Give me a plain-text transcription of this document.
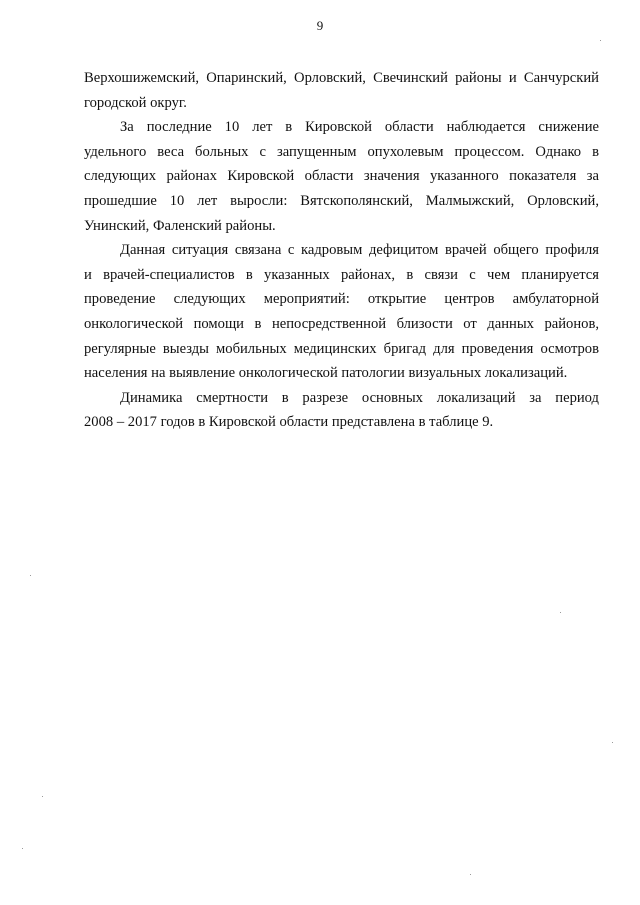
9
Верхошижемский, Опаринский, Орловский, Свечинский районы и Санчурский
городской округ.
За последние 10 лет в Кировской области наблюдается снижение
удельного веса больных с запущенным опухолевым процессом. Однако в
следующих районах Кировской области значения указанного показателя за
прошедшие 10 лет выросли: Вятскополянский, Малмыжский, Орловский,
Унинский, Фаленский районы.
Данная ситуация связана с кадровым дефицитом врачей общего профиля
и врачей-специалистов в указанных районах, в связи с чем планируется
проведение следующих мероприятий: открытие центров амбулаторной
онкологической помощи в непосредственной близости от данных районов,
регулярные выезды мобильных медицинских бригад для проведения осмотров
населения на выявление онкологической патологии визуальных локализаций.
Динамика смертности в разрезе основных локализаций за период
2008 – 2017 годов в Кировской области представлена в таблице 9.
